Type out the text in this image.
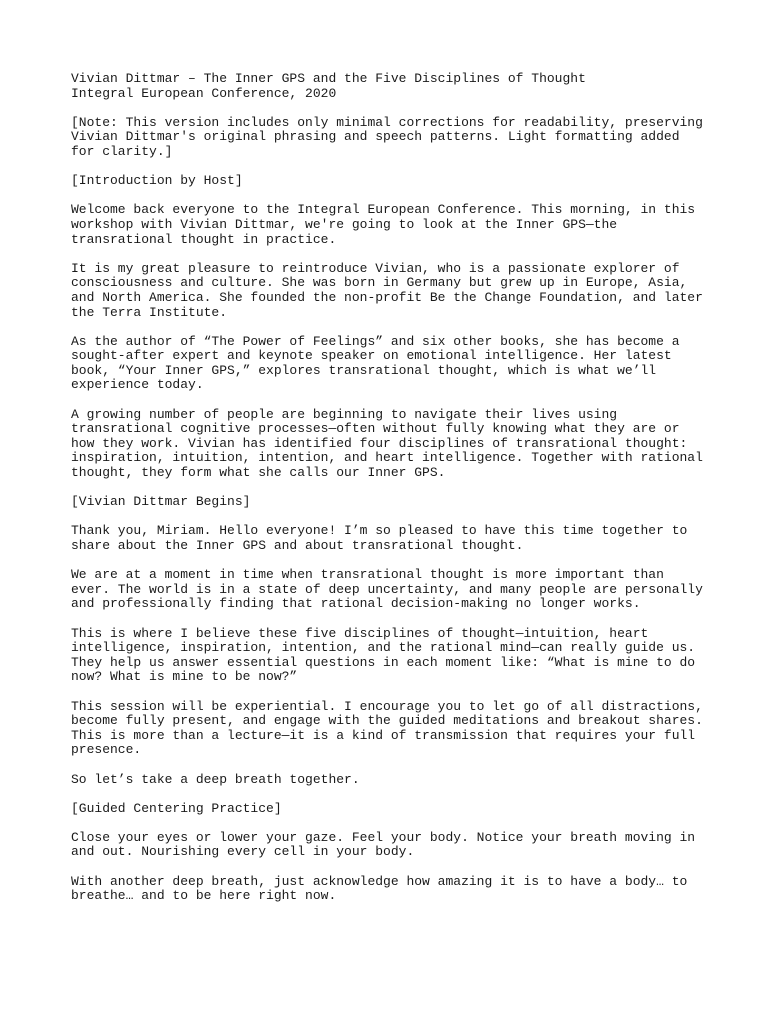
Vivian Dittmar – The Inner GPS and the Five Disciplines of Thought
Integral European Conference, 2020

[Note: This version includes only minimal corrections for readability, preserving Vivian Dittmar's original phrasing and speech patterns. Light formatting added for clarity.]

[Introduction by Host]

Welcome back everyone to the Integral European Conference. This morning, in this workshop with Vivian Dittmar, we're going to look at the Inner GPS—the transrational thought in practice.

It is my great pleasure to reintroduce Vivian, who is a passionate explorer of consciousness and culture. She was born in Germany but grew up in Europe, Asia, and North America. She founded the non-profit Be the Change Foundation, and later the Terra Institute.

As the author of “The Power of Feelings” and six other books, she has become a sought-after expert and keynote speaker on emotional intelligence. Her latest book, “Your Inner GPS,” explores transrational thought, which is what we’ll experience today.

A growing number of people are beginning to navigate their lives using transrational cognitive processes—often without fully knowing what they are or how they work. Vivian has identified four disciplines of transrational thought: inspiration, intuition, intention, and heart intelligence. Together with rational thought, they form what she calls our Inner GPS.

[Vivian Dittmar Begins]

Thank you, Miriam. Hello everyone! I’m so pleased to have this time together to share about the Inner GPS and about transrational thought.

We are at a moment in time when transrational thought is more important than ever. The world is in a state of deep uncertainty, and many people are personally and professionally finding that rational decision-making no longer works.

This is where I believe these five disciplines of thought—intuition, heart intelligence, inspiration, intention, and the rational mind—can really guide us. They help us answer essential questions in each moment like: “What is mine to do now? What is mine to be now?”

This session will be experiential. I encourage you to let go of all distractions, become fully present, and engage with the guided meditations and breakout shares. This is more than a lecture—it is a kind of transmission that requires your full presence.

So let’s take a deep breath together.

[Guided Centering Practice]

Close your eyes or lower your gaze. Feel your body. Notice your breath moving in and out. Nourishing every cell in your body.

With another deep breath, just acknowledge how amazing it is to have a body… to breathe… and to be here right now.
